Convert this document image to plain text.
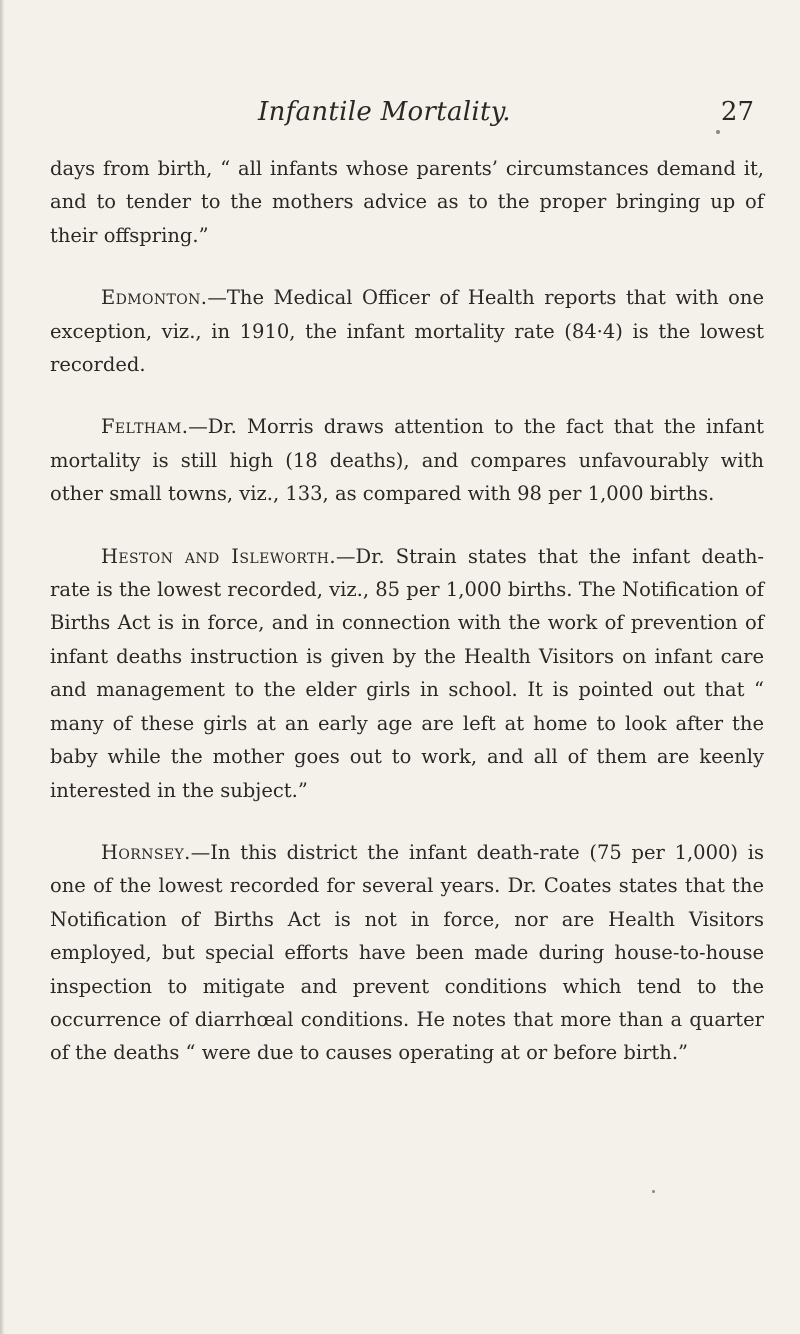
Infantile Mortality.	27

days from birth, “ all infants whose parents’ circumstances demand it, and to tender to the mothers advice as to the proper bringing up of their offspring.”

Edmonton.—The Medical Officer of Health reports that with one exception, viz., in 1910, the infant mortality rate (84·4) is the lowest recorded.

Feltham.—Dr. Morris draws attention to the fact that the infant mortality is still high (18 deaths), and compares unfavourably with other small towns, viz., 133, as compared with 98 per 1,000 births.

Heston and Isleworth.—Dr. Strain states that the infant death-rate is the lowest recorded, viz., 85 per 1,000 births. The Notification of Births Act is in force, and in connection with the work of prevention of infant deaths instruction is given by the Health Visitors on infant care and management to the elder girls in school. It is pointed out that “ many of these girls at an early age are left at home to look after the baby while the mother goes out to work, and all of them are keenly interested in the subject.”

Hornsey.—In this district the infant death-rate (75 per 1,000) is one of the lowest recorded for several years. Dr. Coates states that the Notification of Births Act is not in force, nor are Health Visitors employed, but special efforts have been made during house-to-house inspection to mitigate and prevent conditions which tend to the occurrence of diarrhœal conditions. He notes that more than a quarter of the deaths “ were due to causes operating at or before birth.”
